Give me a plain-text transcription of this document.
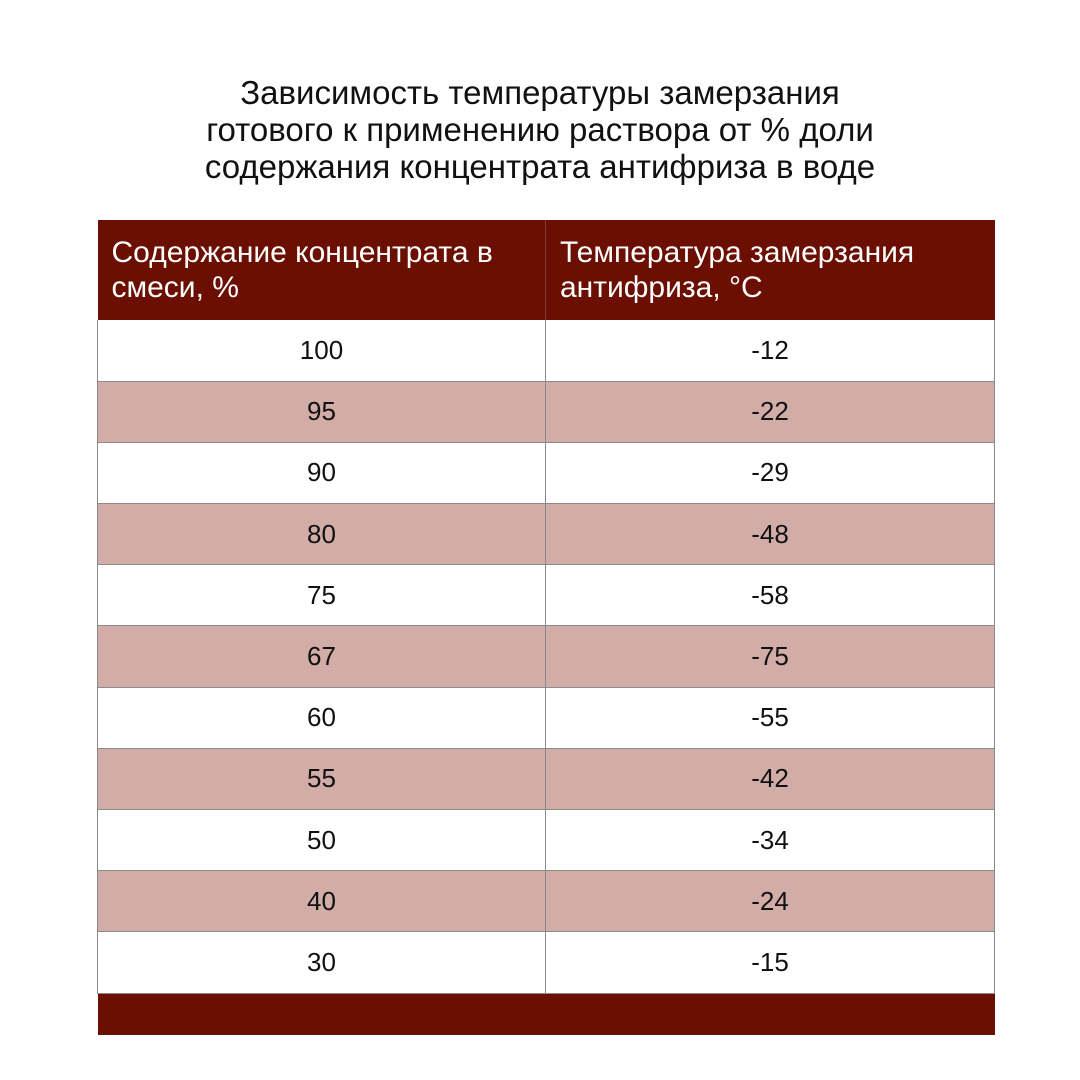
Зависимость температуры замерзания
готового к применению раствора от % доли
содержания концентрата антифриза в воде
Содержание концентрата в смеси, %	Температура замерзания антифриза, °C
100	-12
95	-22
90	-29
80	-48
75	-58
67	-75
60	-55
55	-42
50	-34
40	-24
30	-15
